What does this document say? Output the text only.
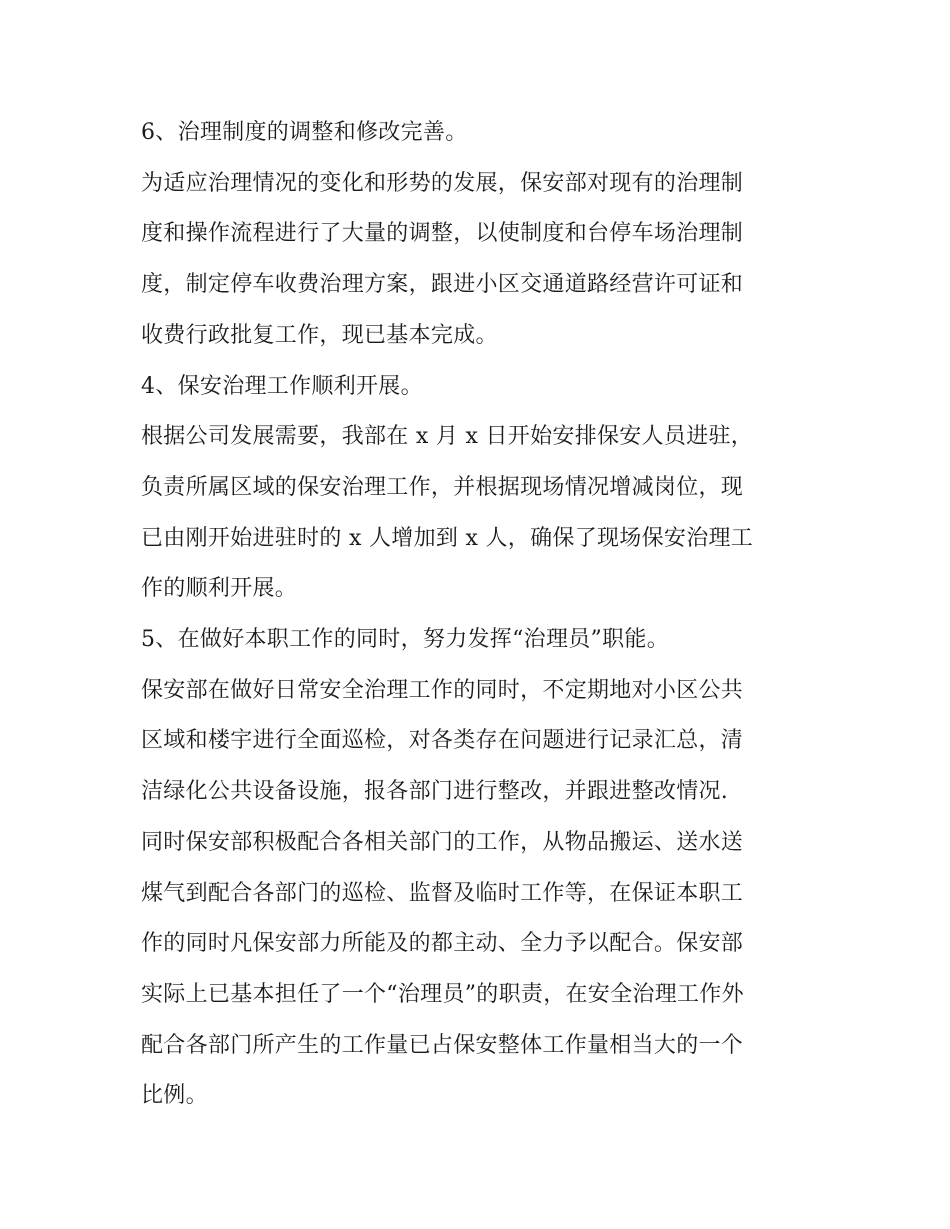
6、治理制度的调整和修改完善。
为适应治理情况的变化和形势的发展，保安部对现有的治理制
度和操作流程进行了大量的调整，以使制度和台停车场治理制
度，制定停车收费治理方案，跟进小区交通道路经营许可证和
收费行政批复工作，现已基本完成。
4、保安治理工作顺利开展。
根据公司发展需要，我部在 x 月 x 日开始安排保安人员进驻，
负责所属区域的保安治理工作，并根据现场情况增减岗位，现
已由刚开始进驻时的 x 人增加到 x 人，确保了现场保安治理工
作的顺利开展。
5、在做好本职工作的同时，努力发挥“治理员”职能。
保安部在做好日常安全治理工作的同时，不定期地对小区公共
区域和楼宇进行全面巡检，对各类存在问题进行记录汇总，清
洁绿化公共设备设施，报各部门进行整改，并跟进整改情况.
同时保安部积极配合各相关部门的工作，从物品搬运、送水送
煤气到配合各部门的巡检、监督及临时工作等，在保证本职工
作的同时凡保安部力所能及的都主动、全力予以配合。保安部
实际上已基本担任了一个“治理员”的职责，在安全治理工作外
配合各部门所产生的工作量已占保安整体工作量相当大的一个
比例。
